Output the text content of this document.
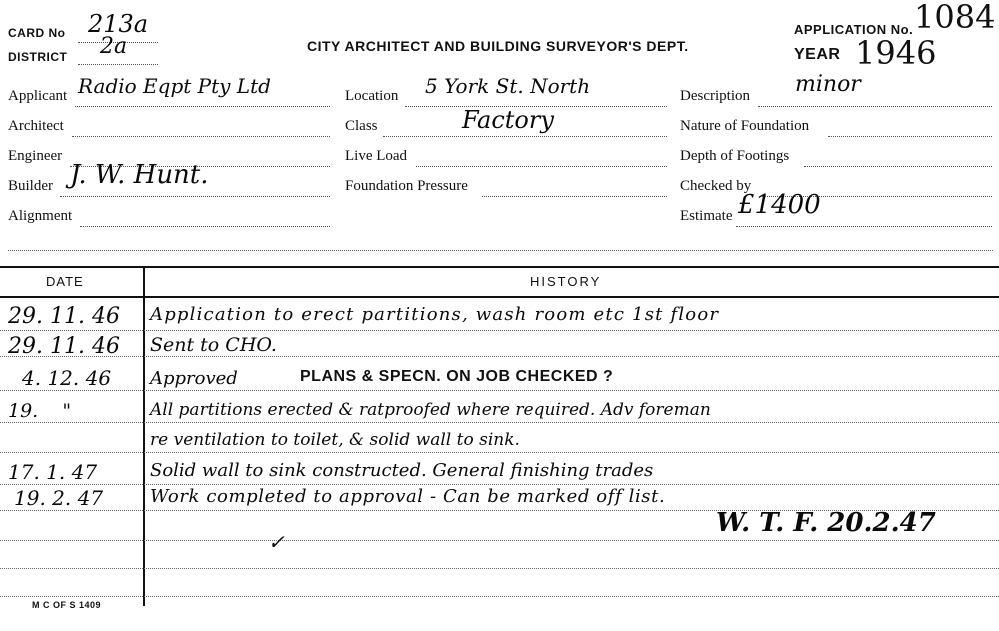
CARD No 213a
DISTRICT 2a	CITY ARCHITECT AND BUILDING SURVEYOR'S DEPT.
APPLICATION No. 1084
YEAR 1946
Applicant Radio Eqpt Pty Ltd
Architect
Engineer
Builder J. W. Hunt.
Alignment
Location 5 York St. North
Class	Factory
Live Load
Foundation Pressure
Description minor
Nature of Foundation
Depth of Footings
Checked by
Estimate £1400
DATE	HISTORY
29. 11. 46 Application to erect partitions, wash room etc 1st floor
29. 11. 46 Sent to CHO.
4. 12. 46 Approved	PLANS & SPECN. ON JOB CHECKED ?
19.    "	All partitions erected & ratproofed where required. Adv foreman
re ventilation to toilet, & solid wall to sink.
17. 1. 47	Solid wall to sink constructed. General finishing trades
19. 2. 47	Work completed to approval - Can be marked off list.
W. T. F. 20.2.47
✓
M C OF S 1409
